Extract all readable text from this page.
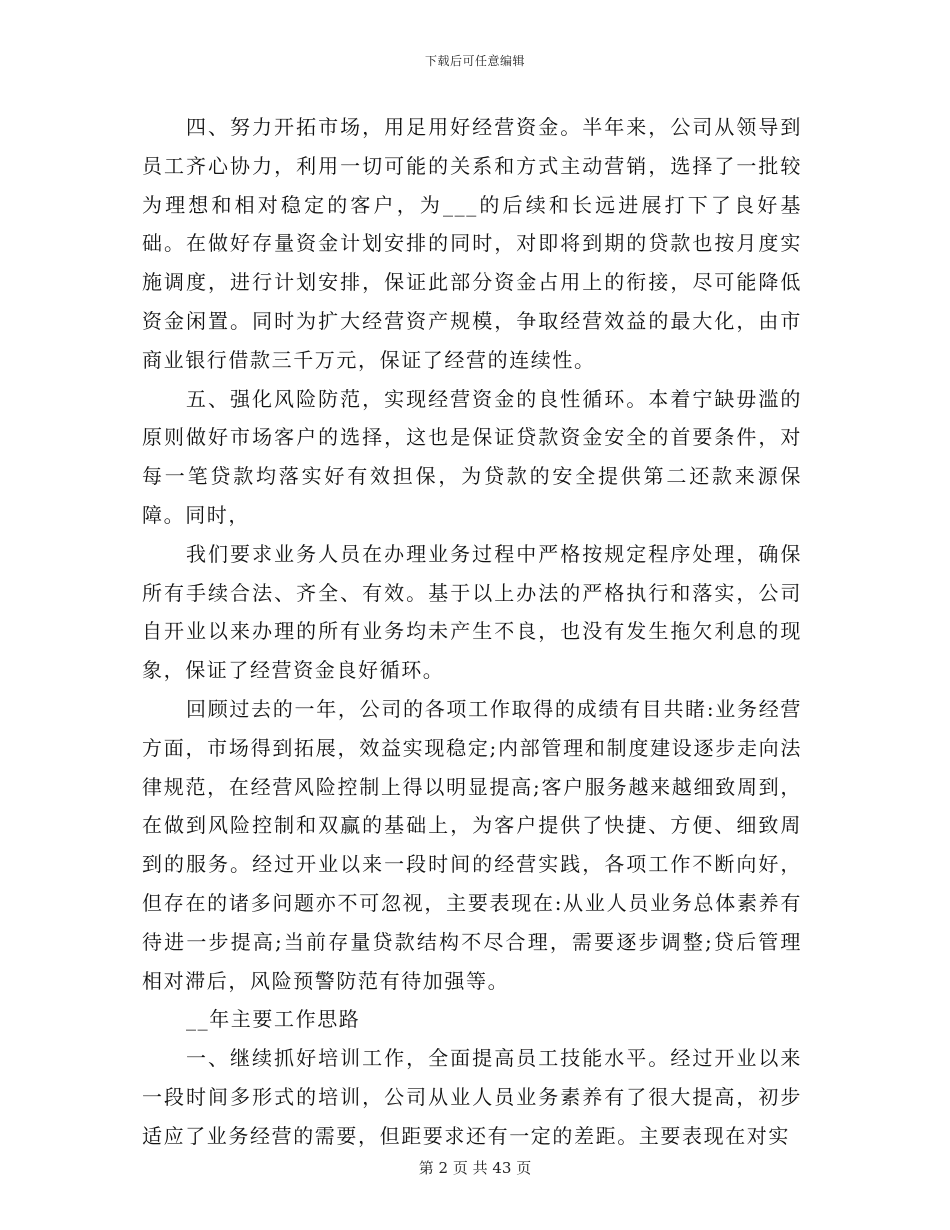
下载后可任意编辑

四、努力开拓市场，用足用好经营资金。半年来，公司从领导到员工齐心协力，利用一切可能的关系和方式主动营销，选择了一批较为理想和相对稳定的客户，为___的后续和长远进展打下了良好基础。在做好存量资金计划安排的同时，对即将到期的贷款也按月度实施调度，进行计划安排，保证此部分资金占用上的衔接，尽可能降低资金闲置。同时为扩大经营资产规模，争取经营效益的最大化，由市商业银行借款三千万元，保证了经营的连续性。

五、强化风险防范，实现经营资金的良性循环。本着宁缺毋滥的原则做好市场客户的选择，这也是保证贷款资金安全的首要条件，对每一笔贷款均落实好有效担保，为贷款的安全提供第二还款来源保障。同时，

我们要求业务人员在办理业务过程中严格按规定程序处理，确保所有手续合法、齐全、有效。基于以上办法的严格执行和落实，公司自开业以来办理的所有业务均未产生不良，也没有发生拖欠利息的现象，保证了经营资金良好循环。

回顾过去的一年，公司的各项工作取得的成绩有目共睹:业务经营方面，市场得到拓展，效益实现稳定;内部管理和制度建设逐步走向法律规范，在经营风险控制上得以明显提高;客户服务越来越细致周到，在做到风险控制和双赢的基础上，为客户提供了快捷、方便、细致周到的服务。经过开业以来一段时间的经营实践，各项工作不断向好，但存在的诸多问题亦不可忽视，主要表现在:从业人员业务总体素养有待进一步提高;当前存量贷款结构不尽合理，需要逐步调整;贷后管理相对滞后，风险预警防范有待加强等。

__年主要工作思路

一、继续抓好培训工作，全面提高员工技能水平。经过开业以来一段时间多形式的培训，公司从业人员业务素养有了很大提高，初步适应了业务经营的需要，但距要求还有一定的差距。主要表现在对实

第 2 页 共 43 页
